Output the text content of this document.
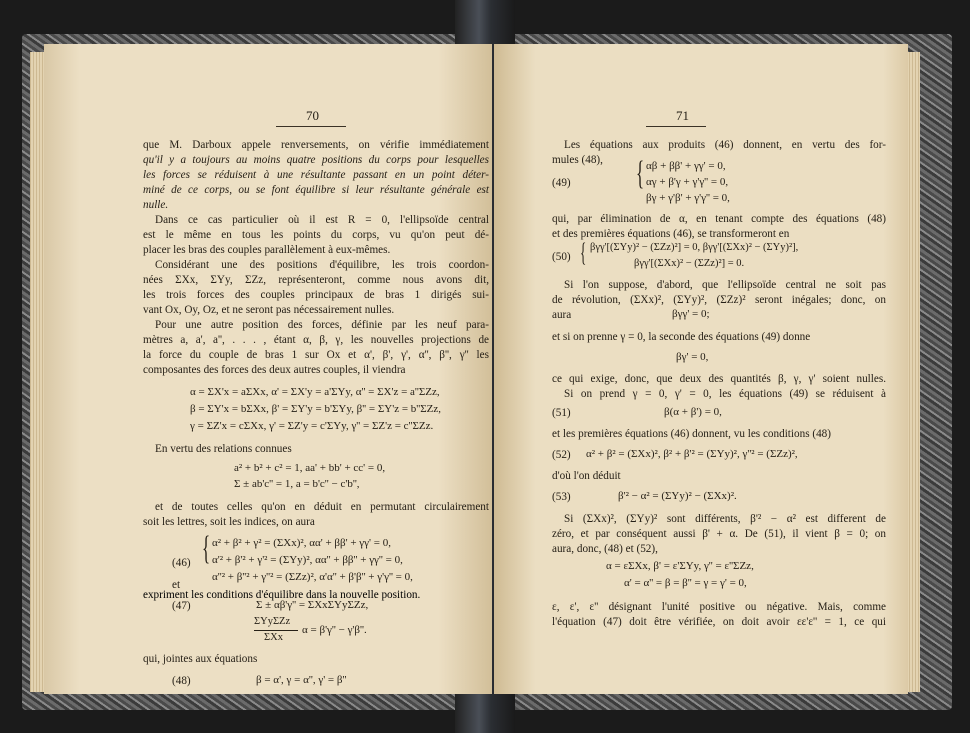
70
que M. Darboux appele renversements, on vérifie immédiatement
qu'il y a toujours au moins quatre positions du corps pour lesquelles
les forces se réduisent à une résultante passant en un point déter-
miné de ce corps, ou se font équilibre si leur résultante générale est
nulle.
Dans ce cas particulier où il est R = 0, l'ellipsoïde central
est le même en tous les points du corps, vu qu'on peut dé-
placer les bras des couples parallèlement à eux-mêmes.
Considérant une des positions d'équilibre, les trois coordon-
nées ΣXx, ΣYy, ΣZz, représenteront, comme nous avons dit,
les trois forces des couples principaux de bras 1 dirigés sui-
vant Ox, Oy, Oz, et ne seront pas nécessairement nulles.
Pour une autre position des forces, définie par les neuf para-
mètres a, a', a'', . . . , étant α, β, γ, les nouvelles projections de
la force du couple de bras 1 sur Ox et α', β', γ', α'', β'', γ'' les
composantes des forces des deux autres couples, il viendra
α = ΣX'x = aΣXx, α' = ΣX'y = a'ΣYy, α'' = ΣX'z = a''ΣZz,
β = ΣY'x = bΣXx, β' = ΣY'y = b'ΣYy, β'' = ΣY'z = b''ΣZz,
γ = ΣZ'x = cΣXx, γ' = ΣZ'y = c'ΣYy, γ'' = ΣZ'z = c''ΣZz.
En vertu des relations connues
a² + b² + c² = 1, aa' + bb' + cc' = 0,
Σ ± ab'c'' = 1, a = b'c'' − c'b'',
et de toutes celles qu'on en déduit en permutant circulairement
soit les lettres, soit les indices, on aura
(46) { α² + β² + γ² = (ΣXx)², αα' + ββ' + γγ' = 0,
α'² + β'² + γ'² = (ΣYy)², αα'' + ββ'' + γγ'' = 0,
α''² + β''² + γ''² = (ΣZz)², α'α'' + β'β'' + γ'γ'' = 0,
et
(47)	Σ ± αβ'γ'' = ΣXxΣYyΣZz,
ΣYyΣZz
ΣXx
α = β'γ'' − γ'β''.
qui, jointes aux équations
(48)	β = α', γ = α'', γ' = β''
71
Les équations aux produits (46) donnent, en vertu des for-
mules (48),
(49) { αβ + ββ' + γγ' = 0,
αγ + β'γ + γ'γ'' = 0,
βγ + γ'β' + γ'γ'' = 0,
qui, par élimination de α, en tenant compte des équations (48)
et des premières équations (46), se transformeront en
(50) { βγγ'[(ΣYy)² − (ΣZz)²] = 0, βγγ'[(ΣXx)² − (ΣYy)²],
βγγ'[(ΣXx)² − (ΣZz)²] = 0.
Si l'on suppose, d'abord, que l'ellipsoïde central ne soit pas
de révolution, (ΣXx)², (ΣYy)², (ΣZz)² seront inégales; donc, on
aura	βγγ' = 0;
et si on prenne γ = 0, la seconde des équations (49) donne
βγ' = 0,
ce qui exige, donc, que deux des quantités β, γ, γ' soient nulles.
Si on prend γ = 0, γ' = 0, les équations (49) se réduisent à
(51)	β(α + β') = 0,
et les premières équations (46) donnent, vu les conditions (48)
(52) α² + β² = (ΣXx)², β² + β'² = (ΣYy)², γ''² = (ΣZz)²,
d'où l'on déduit
(53)	β'² − α² = (ΣYy)² − (ΣXx)².
Si (ΣXx)², (ΣYy)² sont différents, β'² − α² est different de
zéro, et par conséquent aussi β' + α. De (51), il vient β = 0; on
aura, donc, (48) et (52),
α = εΣXx, β' = ε'ΣYy, γ'' = ε''ΣZz,
α' = α'' = β = β'' = γ = γ' = 0,
ε, ε', ε'' désignant l'unité positive ou négative. Mais, comme
l'équation (47) doit être vérifiée, on doit avoir εε'ε'' = 1, ce qui
expriment les conditions d'équilibre dans la nouvelle position.
